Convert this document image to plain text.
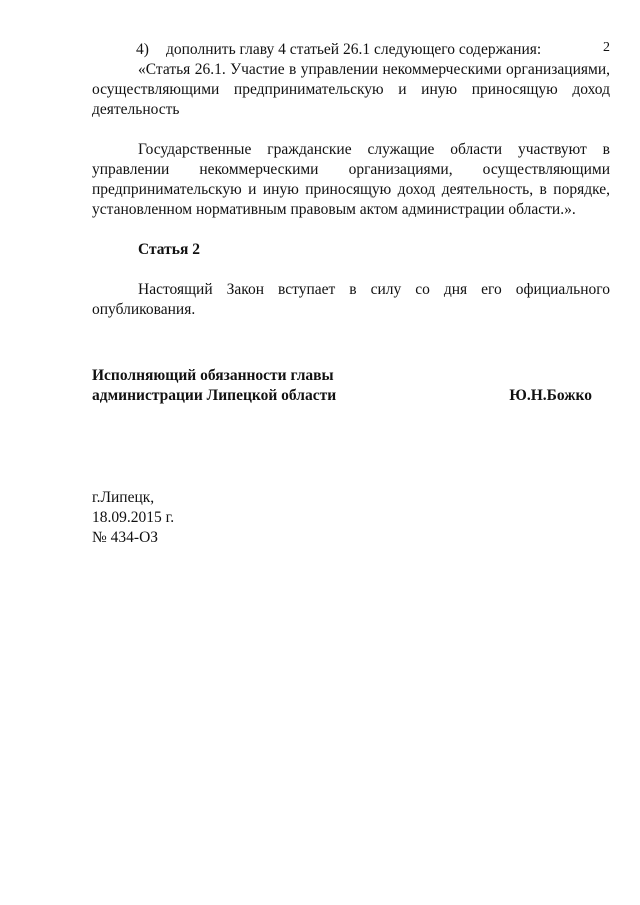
2
4) дополнить главу 4 статьей 26.1 следующего содержания:
«Статья 26.1. Участие в управлении некоммерческими организациями,
осуществляющими предпринимательскую и иную приносящую доход
деятельность
Государственные гражданские служащие области участвуют в
управлении некоммерческими организациями, осуществляющими
предпринимательскую и иную приносящую доход деятельность, в порядке,
установленном нормативным правовым актом администрации области.».
Статья 2
Настоящий Закон вступает в силу со дня его официального
опубликования.
Исполняющий обязанности главы
администрации Липецкой области	Ю.Н.Божко
г.Липецк,
18.09.2015 г.
№ 434-ОЗ
